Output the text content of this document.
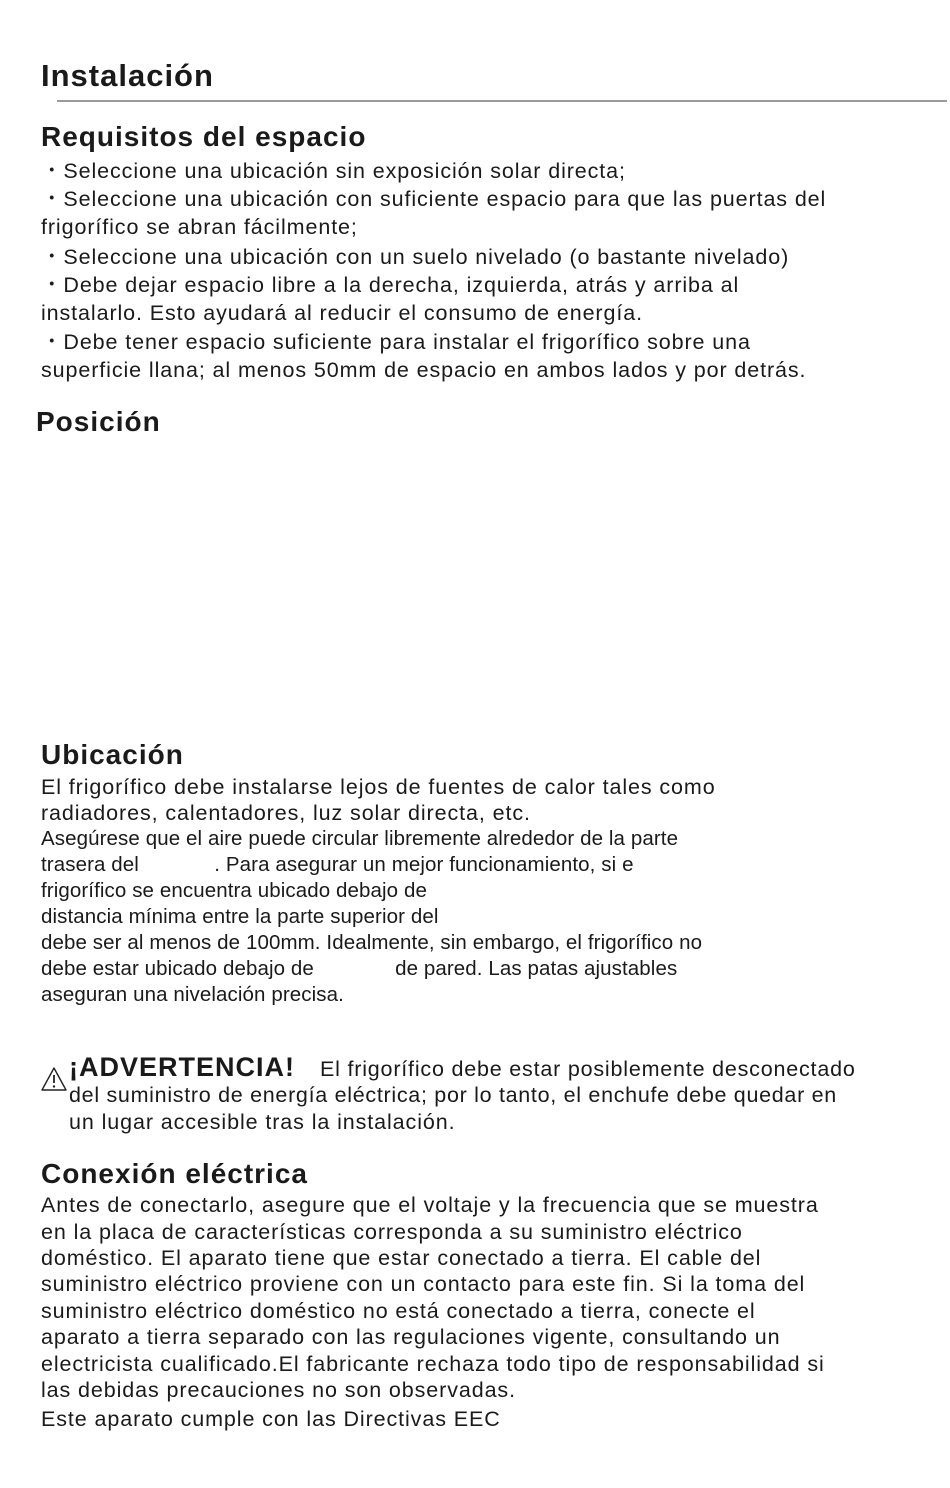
Instalación
Requisitos del espacio
・Seleccione una ubicación sin exposición solar directa;
・Seleccione una ubicación con suficiente espacio para que las puertas del
frigorífico se abran fácilmente;
・Seleccione una ubicación con un suelo nivelado (o bastante nivelado)
・Debe dejar espacio libre a la derecha, izquierda, atrás y arriba al
instalarlo. Esto ayudará al reducir el consumo de energía.
・Debe tener espacio suficiente para instalar el frigorífico sobre una
superficie llana; al menos 50mm de espacio en ambos lados y por detrás.
Posición
Ubicación
El frigorífico debe instalarse lejos de fuentes de calor tales como
radiadores, calentadores, luz solar directa, etc.
Asegúrese que el aire puede circular libremente alrededor de la parte
trasera del             . Para asegurar un mejor funcionamiento, si e
frigorífico se encuentra ubicado debajo de
distancia mínima entre la parte superior del
debe ser al menos de 100mm. Idealmente, sin embargo, el frigorífico no
debe estar ubicado debajo de              de pared. Las patas ajustables
aseguran una nivelación precisa.
¡ADVERTENCIA! El frigorífico debe estar posiblemente desconectado
del suministro de energía eléctrica; por lo tanto, el enchufe debe quedar en
un lugar accesible tras la instalación.
Conexión eléctrica
Antes de conectarlo, asegure que el voltaje y la frecuencia que se muestra
en la placa de características corresponda a su suministro eléctrico
doméstico. El aparato tiene que estar conectado a tierra. El cable del
suministro eléctrico proviene con un contacto para este fin. Si la toma del
suministro eléctrico doméstico no está conectado a tierra, conecte el
aparato a tierra separado con las regulaciones vigente, consultando un
electricista cualificado.El fabricante rechaza todo tipo de responsabilidad si
las debidas precauciones no son observadas.
Este aparato cumple con las Directivas EEC
